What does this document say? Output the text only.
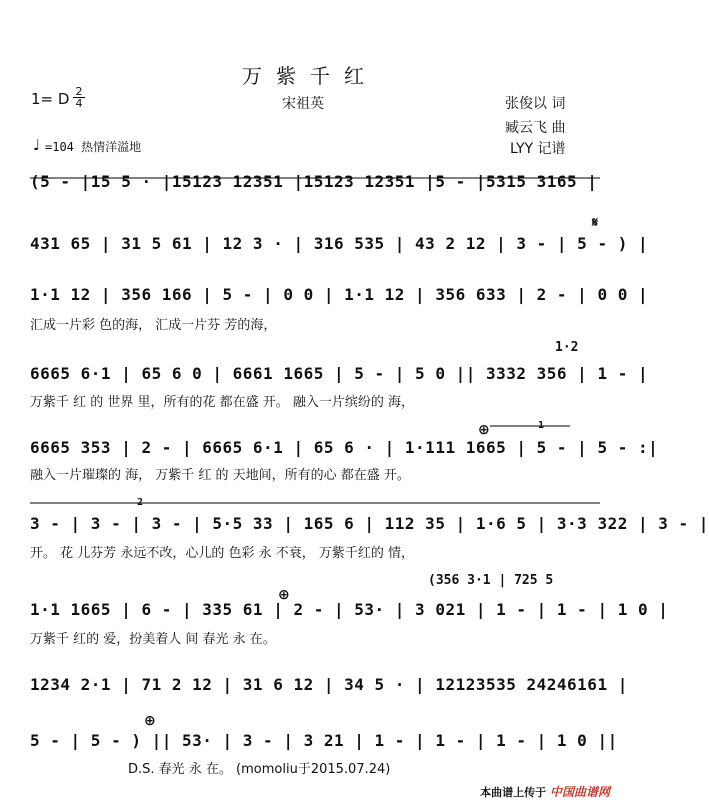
万紫千红
1= D $\frac{2}{4}$	宋祖英	张俊以 词
臧云飞 曲
LYY 记谱
♩ =104 热情洋溢地
(5 - |15 5 · |15123 12351 |15123 12351 |5 - |5315 3165 |
431 65 | 31 5 61 | 12 3 · | 316 535 | 43 2 12 | 3 - | 5 - ) |
𝄋
1·1 12 | 356 166 | 5 - | 0 0 | 1·1 12 | 356 633 | 2 - | 0 0 |
汇成一片彩 色的海， 汇成一片芬 芳的海，
1·2
6665 6·1 | 65 6 0 | 6661 1665 | 5 - | 5 0 || 3332 356 | 1 - |
万紫千 红 的 世界 里，所有的花 都在盛 开。 融入一片缤纷的 海，
⊕	1
6665 353 | 2 - | 6665 6·1 | 65 6 · | 1·111 1665 | 5 - | 5 - :|
融入一片璀璨的 海， 万紫千 红 的 天地间，所有的心 都在盛 开。
2
3 - | 3 - | 3 - | 5·5 33 | 165 6 | 112 35 | 1·6 5 | 3·3 322 | 3 - |
开。 花 儿芬芳 永远不改，心儿的 色彩 永 不衰， 万紫千红的 情，
(356 3·1 | 725 5
⊕
1·1 1665 | 6 - | 335 61 | 2 - | 53· | 3 021 | 1 - | 1 - | 1 0 |
万紫千 红的 爱，扮美着人 间 春光 永 在。
1234 2·1 | 71 2 12 | 31 6 12 | 34 5 · | 12123535 24246161 |
⊕
5 - | 5 - ) || 53· | 3 - | 3 21 | 1 - | 1 - | 1 - | 1 0 ||
D.S. 春光 永 在。 (momoliu于2015.07.24)
本曲谱上传于 中国曲谱网
